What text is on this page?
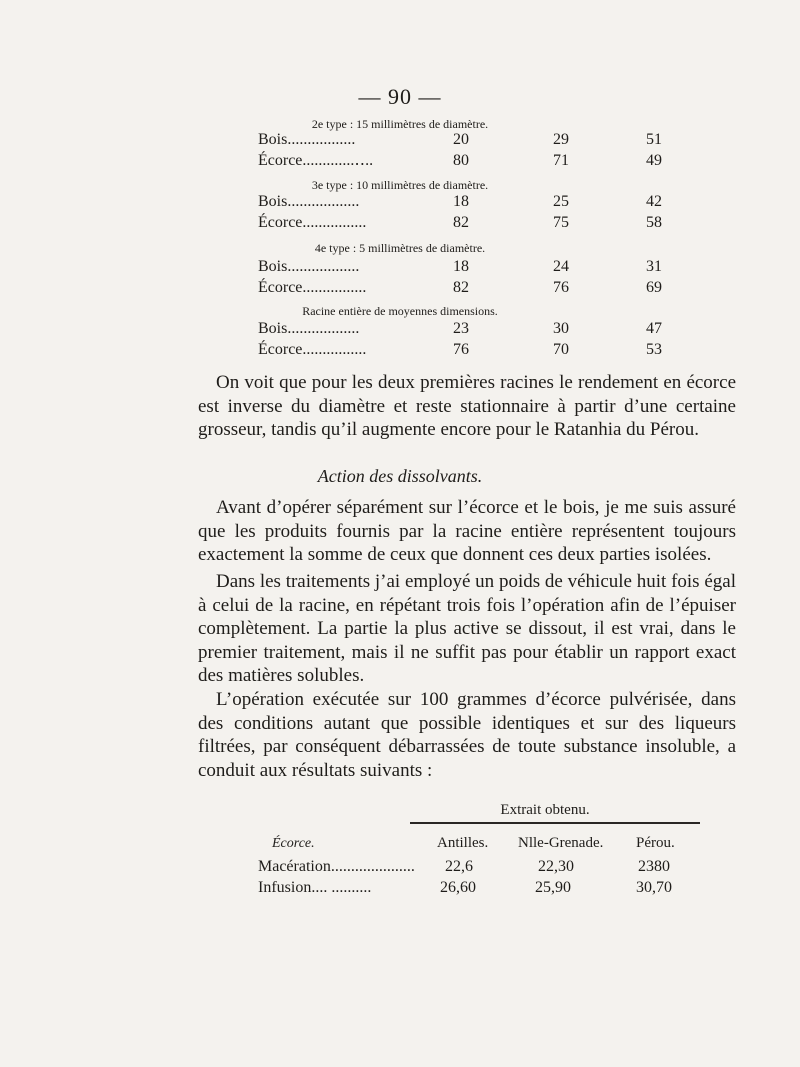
— 90 —
2e type : 15 millimètres de diamètre.
Bois.................	20	29	51
Écorce.............‥..	80	71	49
3e type : 10 millimètres de diamètre.
Bois..................	18	25	42
Écorce................	82	75	58
4e type : 5 millimètres de diamètre.
Bois..................	18	24	31
Écorce................	82	76	69
Racine entière de moyennes dimensions.
Bois..................	23	30	47
Écorce................	76	70	53

On voit que pour les deux premières racines le rendement en écorce est inverse du diamètre et reste stationnaire à partir d’une certaine grosseur, tandis qu’il augmente encore pour le Ratanhia du Pérou.

Action des dissolvants.

Avant d’opérer séparément sur l’écorce et le bois, je me suis assuré que les produits fournis par la racine entière représentent toujours exactement la somme de ceux que donnent ces deux parties isolées.

Dans les traitements j’ai employé un poids de véhicule huit fois égal à celui de la racine, en répétant trois fois l’opération afin de l’épuiser complètement. La partie la plus active se dissout, il est vrai, dans le premier traitement, mais il ne suffit pas pour établir un rapport exact des matières solubles.

L’opération exécutée sur 100 grammes d’écorce pulvérisée, dans des conditions autant que possible identiques et sur des liqueurs filtrées, par conséquent débarrassées de toute substance insoluble, a conduit aux résultats suivants :

Extrait obtenu.
Écorce.	Antilles. Nlle-Grenade. Pérou.
Macération..................... 22,6	22,30	2380
Infusion.... ..........	26,60	25,90	30,70
